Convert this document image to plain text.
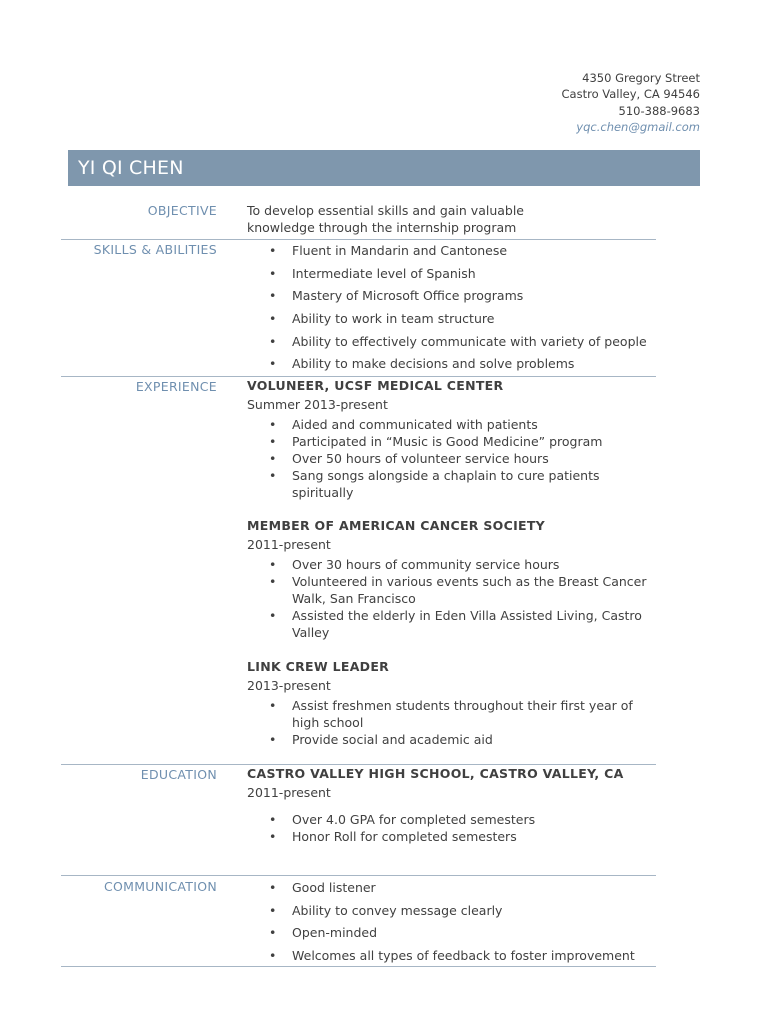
4350 Gregory Street
Castro Valley, CA 94546
510-388-9683
yqc.chen@gmail.com
YI QI CHEN
OBJECTIVE To develop essential skills and gain valuable
knowledge through the internship program
SKILLS & ABILITIES	• Fluent in Mandarin and Cantonese
• Intermediate level of Spanish
• Mastery of Microsoft Office programs
• Ability to work in team structure
• Ability to effectively communicate with variety of people
• Ability to make decisions and solve problems
EXPERIENCE VOLUNEER, UCSF MEDICAL CENTER
Summer 2013-present
• Aided and communicated with patients
• Participated in “Music is Good Medicine” program
• Over 50 hours of volunteer service hours
• Sang songs alongside a chaplain to cure patients spiritually
MEMBER OF AMERICAN CANCER SOCIETY
2011-present
• Over 30 hours of community service hours
• Volunteered in various events such as the Breast Cancer Walk, San Francisco
• Assisted the elderly in Eden Villa Assisted Living, Castro Valley
LINK CREW LEADER
2013-present
• Assist freshmen students throughout their first year of high school
• Provide social and academic aid
EDUCATION CASTRO VALLEY HIGH SCHOOL, CASTRO VALLEY, CA
2011-present
• Over 4.0 GPA for completed semesters
• Honor Roll for completed semesters
COMMUNICATION	• Good listener
• Ability to convey message clearly
• Open-minded
• Welcomes all types of feedback to foster improvement
